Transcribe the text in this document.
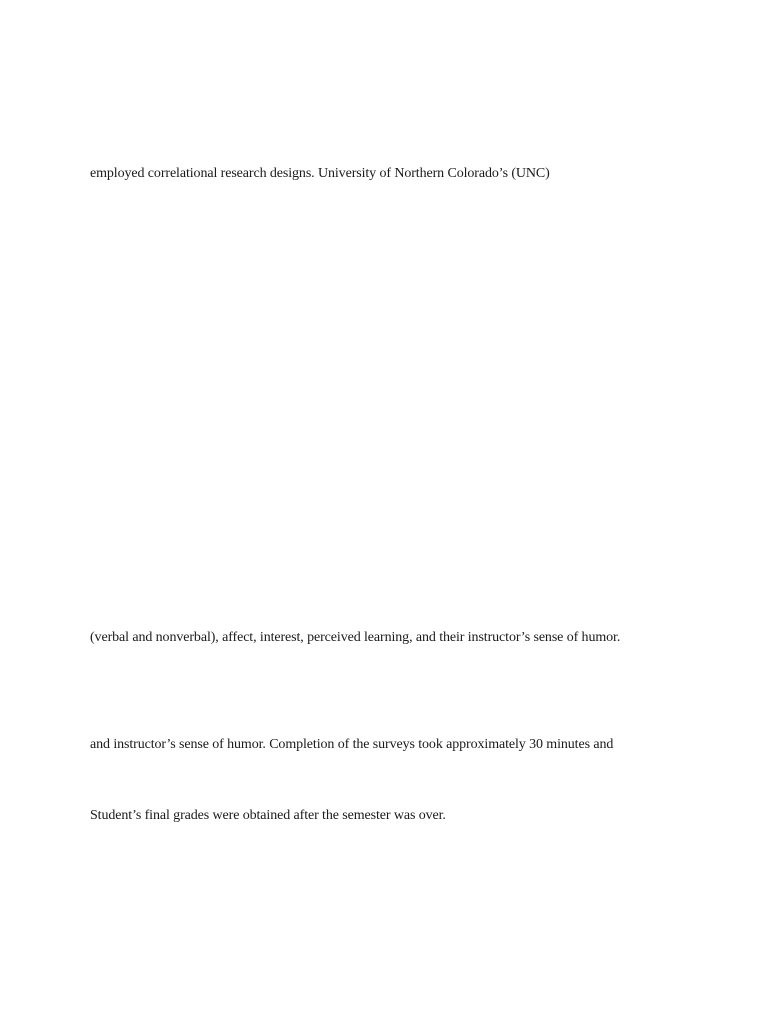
employed correlational research designs. University of Northern Colorado’s (UNC)
(verbal and nonverbal), affect, interest, perceived learning, and their instructor’s sense of humor.
and instructor’s sense of humor. Completion of the surveys took approximately 30 minutes and
Student’s final grades were obtained after the semester was over.
